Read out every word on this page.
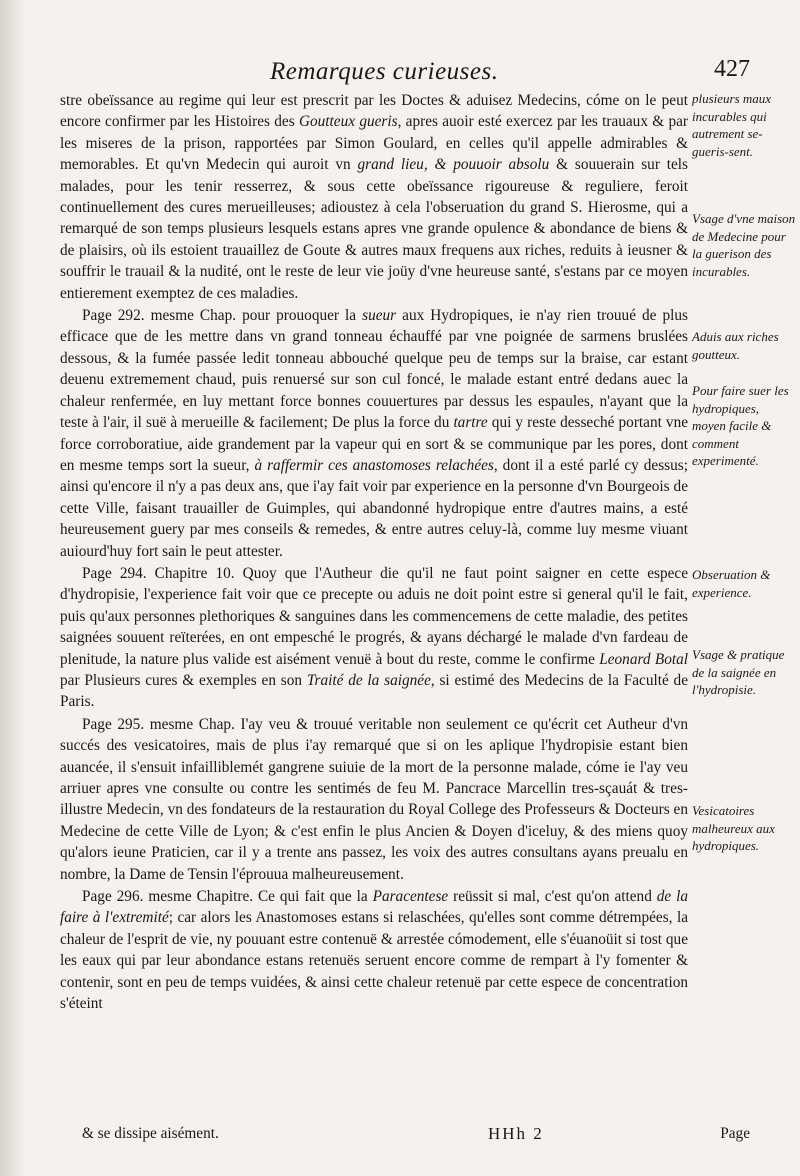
Remarques curieuses.	427

stre obeïssance au regime qui leur est prescrit par les Doctes & aduisez Medecins, cóme on le peut encore confirmer par les Histoires des Goutteux gueris, apres auoir esté exercez par les trauaux & par les miseres de la prison, rapportées par Simon Goulard, en celles qu'il appelle admirables & memorables. Et qu'vn Medecin qui auroit vn grand lieu, & pouuoir absolu & souuerain sur tels malades, pour les tenir resserrez, & sous cette obeïssance rigoureuse & reguliere, feroit continuellement des cures merueilleuses; adioustez à cela l'obseruation du grand S. Hierosme, qui a remarqué de son temps plusieurs lesquels estans apres vne grande opulence & abondance de biens & de plaisirs, où ils estoient trauaillez de Goute & autres maux frequens aux riches, reduits à ieusner & souffrir le trauail & la nudité, ont le reste de leur vie joüy d'vne heureuse santé, s'estans par ce moyen entierement exemptez de ces maladies.

Page 292. mesme Chap. pour prouoquer la sueur aux Hydropiques, ie n'ay rien trouué de plus efficace que de les mettre dans vn grand tonneau échauffé par vne poignée de sarmens bruslées dessous, & la fumée passée ledit tonneau abbouché quelque peu de temps sur la braise, car estant deuenu extremement chaud, puis renuersé sur son cul foncé, le malade estant entré dedans auec la chaleur renfermée, en luy mettant force bonnes couuertures par dessus les espaules, n'ayant que la teste à l'air, il suë à merueille & facilement; De plus la force du tartre qui y reste desseché portant vne force corroboratiue, aide grandement par la vapeur qui en sort & se communique par les pores, dont en mesme temps sort la sueur, à raffermir ces anastomoses relachées, dont il a esté parlé cy dessus; ainsi qu'encore il n'y a pas deux ans, que i'ay fait voir par experience en la personne d'vn Bourgeois de cette Ville, faisant trauailler de Guimples, qui abandonné hydropique entre d'autres mains, a esté heureusement guery par mes conseils & remedes, & entre autres celuy-là, comme luy mesme viuant auiourd'huy fort sain le peut attester.

Page 294. Chapitre 10. Quoy que l'Autheur die qu'il ne faut point saigner en cette espece d'hydropisie, l'experience fait voir que ce precepte ou aduis ne doit point estre si general qu'il le fait, puis qu'aux personnes plethoriques & sanguines dans les commencemens de cette maladie, des petites saignées souuent reïterées, en ont empesché le progrés, & ayans déchargé le malade d'vn fardeau de plenitude, la nature plus valide est aisément venuë à bout du reste, comme le confirme Leonard Botal par Plusieurs cures & exemples en son Traité de la saignée, si estimé des Medecins de la Faculté de Paris.

Page 295. mesme Chap. I'ay veu & trouué veritable non seulement ce qu'écrit cet Autheur d'vn succés des vesicatoires, mais de plus i'ay remarqué que si on les aplique l'hydropisie estant bien auancée, il s'ensuit infailliblemét gangrene suiuie de la mort de la personne malade, cóme ie l'ay veu arriuer apres vne consulte ou contre les sentimés de feu M. Pancrace Marcellin tres-sçauát & tres-illustre Medecin, vn des fondateurs de la restauration du Royal College des Professeurs & Docteurs en Medecine de cette Ville de Lyon; & c'est enfin le plus Ancien & Doyen d'iceluy, & des miens quoy qu'alors ieune Praticien, car il y a trente ans passez, les voix des autres consultans ayans preualu en nombre, la Dame de Tensin l'éprouua malheureusement.

Page 296. mesme Chapitre. Ce qui fait que la Paracentese reüssit si mal, c'est qu'on attend de la faire à l'extremité; car alors les Anastomoses estans si relaschées, qu'elles sont comme détrempées, la chaleur de l'esprit de vie, ny pouuant estre contenuë & arrestée cómodement, elle s'éuanoüit si tost que les eaux qui par leur abondance estans retenuës seruent encore comme de rempart à l'y fomenter & contenir, sont en peu de temps vuidées, & ainsi cette chaleur retenuë par cette espece de concentration s'éteint

plusieurs maux incurables qui autrement se-gueris-sent.
Vsage d'vne maison de Medecine pour la guerison des incurables.
Aduis aux riches goutteux.
Pour faire suer les hydropiques, moyen facile & comment experimenté.
Obseruation & experience.
Vsage & pratique de la saignée en l'hydropisie.
Vesicatoires malheureux aux hydropiques.
& se dissipe aisément.	HHh 2	Page
